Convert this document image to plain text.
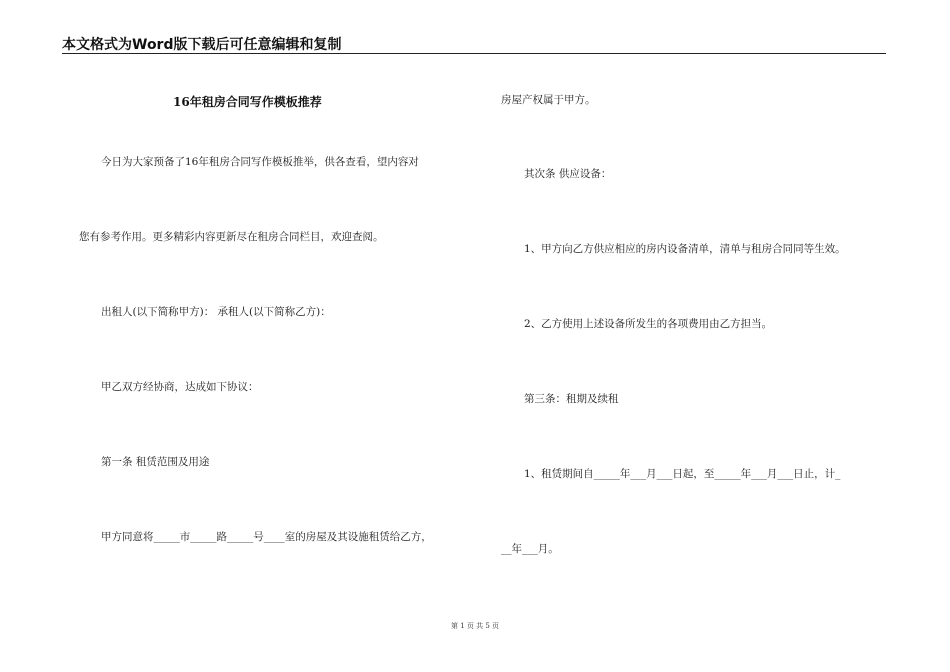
本文格式为Word版下载后可任意编辑和复制
16年租房合同写作模板推荐
今日为大家预备了16年租房合同写作模板推举，供各查看，望内容对
您有参考作用。更多精彩内容更新尽在租房合同栏目，欢迎查阅。
出租人(以下简称甲方)： 承租人(以下简称乙方)：
甲乙双方经协商，达成如下协议：
第一条 租赁范围及用途
甲方同意将_____市_____路_____号____室的房屋及其设施租赁给乙方，
房屋产权属于甲方。
其次条 供应设备：
1、甲方向乙方供应相应的房内设备清单，清单与租房合同同等生效。
2、乙方使用上述设备所发生的各项费用由乙方担当。
第三条：租期及续租
1、租赁期间自_____年___月___日起，至_____年___月___日止，计_
__年___月。
第 1 页 共 5 页
